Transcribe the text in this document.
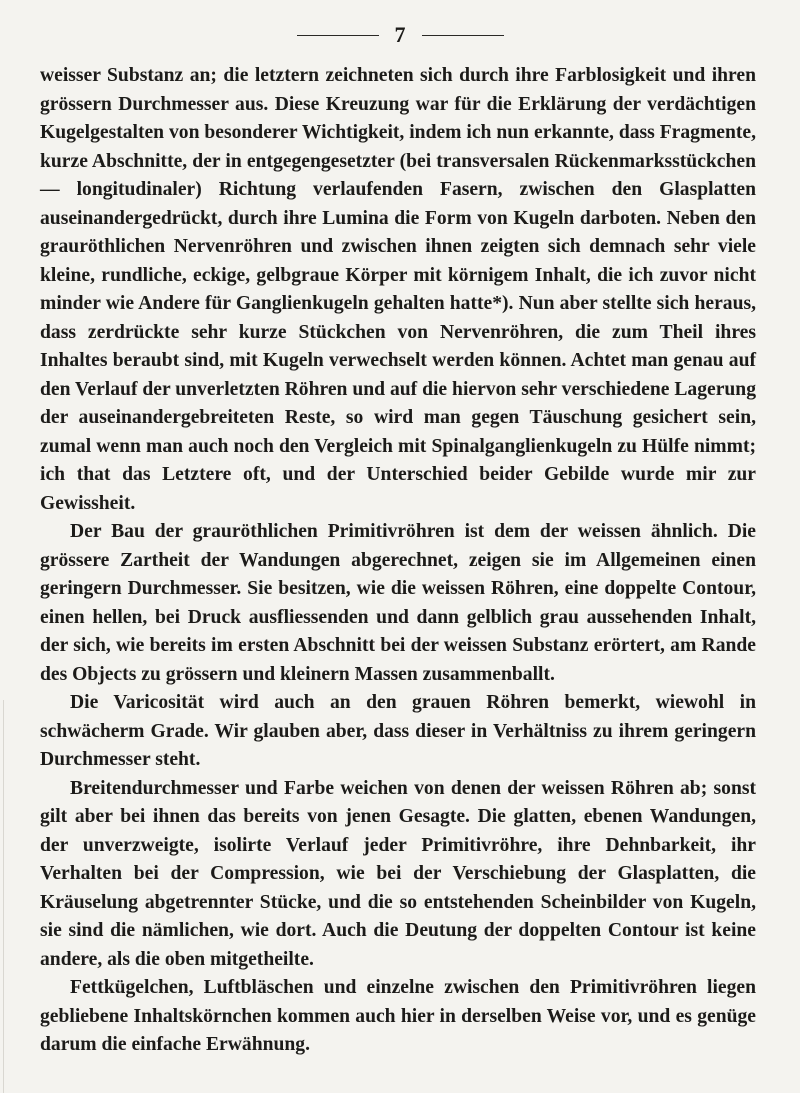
7

weisser Substanz an; die letztern zeichneten sich durch ihre Farblosigkeit und ihren grössern Durchmesser aus. Diese Kreuzung war für die Erklärung der verdächtigen Kugelgestalten von besonderer Wichtigkeit, indem ich nun erkannte, dass Fragmente, kurze Abschnitte, der in entgegengesetzter (bei transversalen Rückenmarksstückchen — longitudinaler) Richtung verlaufenden Fasern, zwischen den Glasplatten auseinandergedrückt, durch ihre Lumina die Form von Kugeln darboten. Neben den grauröthlichen Nervenröhren und zwischen ihnen zeigten sich demnach sehr viele kleine, rundliche, eckige, gelbgraue Körper mit körnigem Inhalt, die ich zuvor nicht minder wie Andere für Ganglienkugeln gehalten hatte*). Nun aber stellte sich heraus, dass zerdrückte sehr kurze Stückchen von Nervenröhren, die zum Theil ihres Inhaltes beraubt sind, mit Kugeln verwechselt werden können. Achtet man genau auf den Verlauf der unverletzten Röhren und auf die hiervon sehr verschiedene Lagerung der auseinandergebreiteten Reste, so wird man gegen Täuschung gesichert sein, zumal wenn man auch noch den Vergleich mit Spinalganglienkugeln zu Hülfe nimmt; ich that das Letztere oft, und der Unterschied beider Gebilde wurde mir zur Gewissheit.

Der Bau der grauröthlichen Primitivröhren ist dem der weissen ähnlich. Die grössere Zartheit der Wandungen abgerechnet, zeigen sie im Allgemeinen einen geringern Durchmesser. Sie besitzen, wie die weissen Röhren, eine doppelte Contour, einen hellen, bei Druck ausfliessenden und dann gelblich grau aussehenden Inhalt, der sich, wie bereits im ersten Abschnitt bei der weissen Substanz erörtert, am Rande des Objects zu grössern und kleinern Massen zusammenballt.

Die Varicosität wird auch an den grauen Röhren bemerkt, wiewohl in schwächerm Grade. Wir glauben aber, dass dieser in Verhältniss zu ihrem geringern Durchmesser steht.

Breitendurchmesser und Farbe weichen von denen der weissen Röhren ab; sonst gilt aber bei ihnen das bereits von jenen Gesagte. Die glatten, ebenen Wandungen, der unverzweigte, isolirte Verlauf jeder Primitivröhre, ihre Dehnbarkeit, ihr Verhalten bei der Compression, wie bei der Verschiebung der Glasplatten, die Kräuselung abgetrennter Stücke, und die so entstehenden Scheinbilder von Kugeln, sie sind die nämlichen, wie dort. Auch die Deutung der doppelten Contour ist keine andere, als die oben mitgetheilte.

Fettkügelchen, Luftbläschen und einzelne zwischen den Primitivröhren liegen gebliebene Inhaltskörnchen kommen auch hier in derselben Weise vor, und es genüge darum die einfache Erwähnung.
